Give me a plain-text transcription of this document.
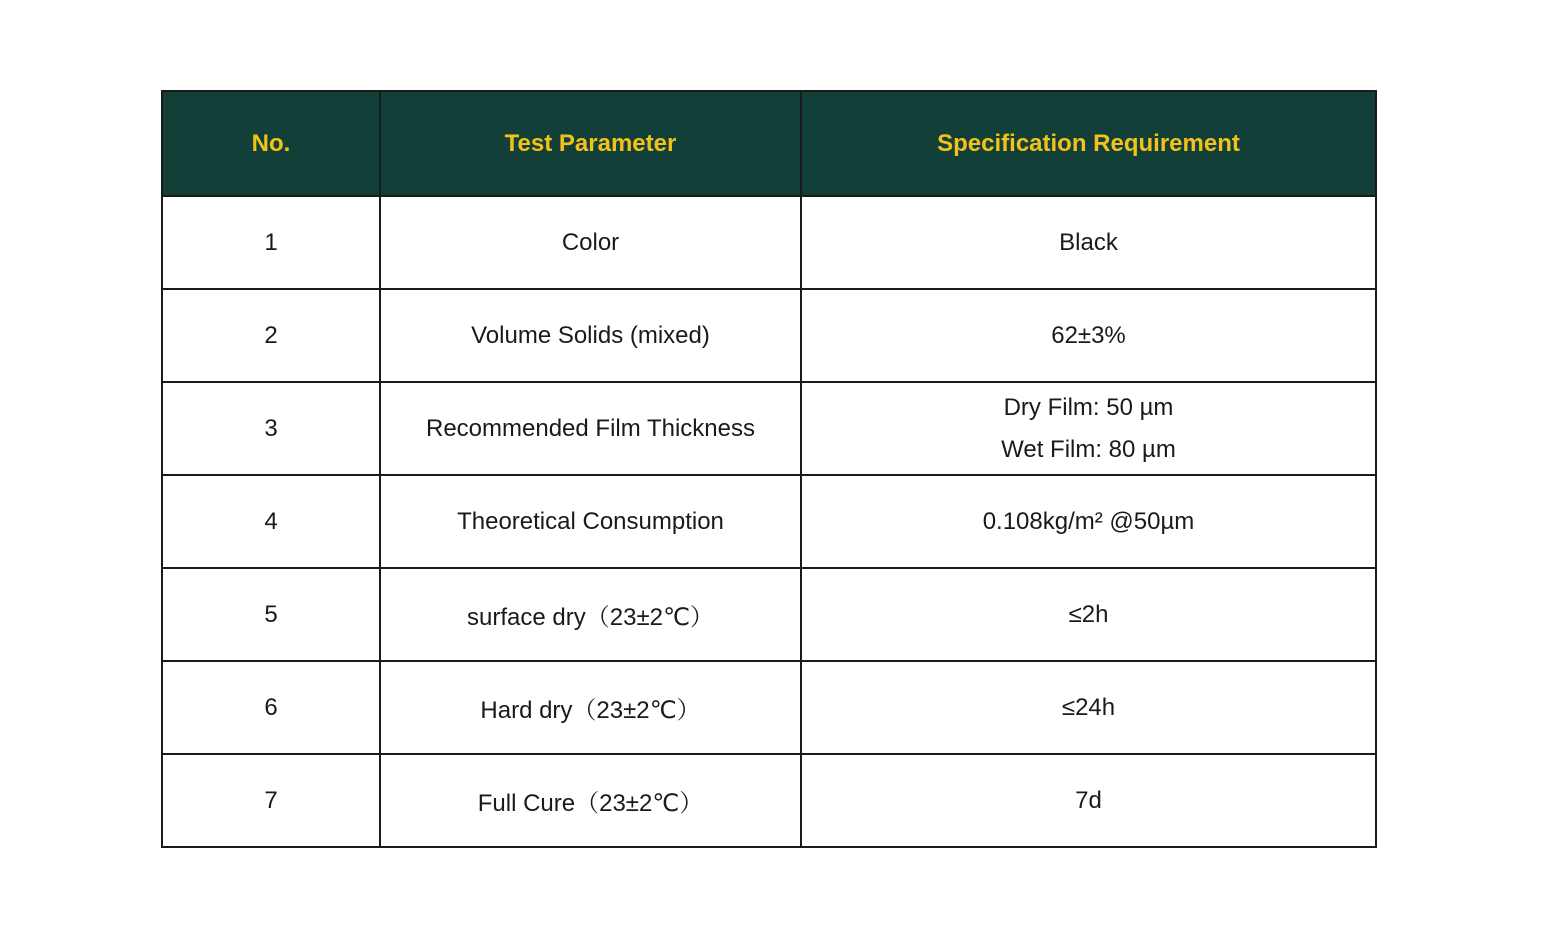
No.	Test Parameter	Specification Requirement
1	Color	Black

2	Volume Solids (mixed)	62±3%

3	Recommended Film Thickness	Dry Film: 50 µm
Wet Film: 80 µm

4	Theoretical Consumption	0.108kg/m² @50µm

5	surface dry（23±2℃）	≤2h

6	Hard dry（23±2℃）	≤24h

7	Full Cure（23±2℃）	7d
